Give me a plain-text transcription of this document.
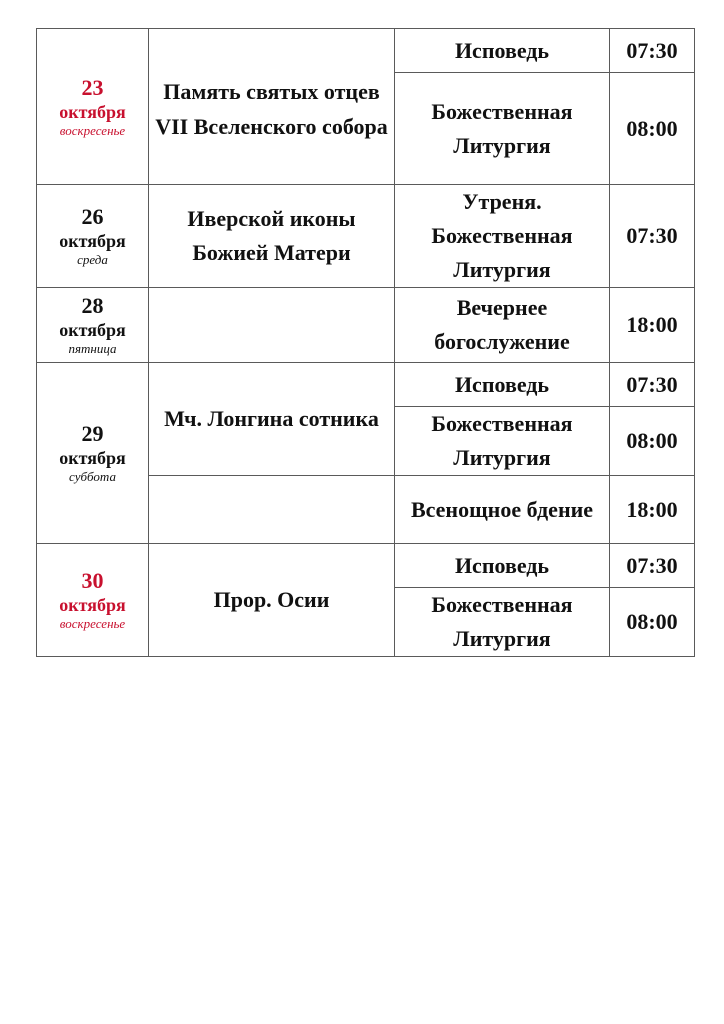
23
октября
воскресенье	Память святых отцев VII Вселенского собора	Исповедь	07:30
		Божественная Литургия	08:00

26
октября
среда	Иверской иконы Божией Матери	Утреня. Божественная Литургия	07:30

28
октября
пятница		Вечернее богослужение	18:00

29
октября
суббота	Мч. Лонгина сотника	Исповедь	07:30
		Божественная Литургия	08:00
		Всенощное бдение	18:00

30
октября
воскресенье	Прор. Осии	Исповедь	07:30
		Божественная Литургия	08:00
